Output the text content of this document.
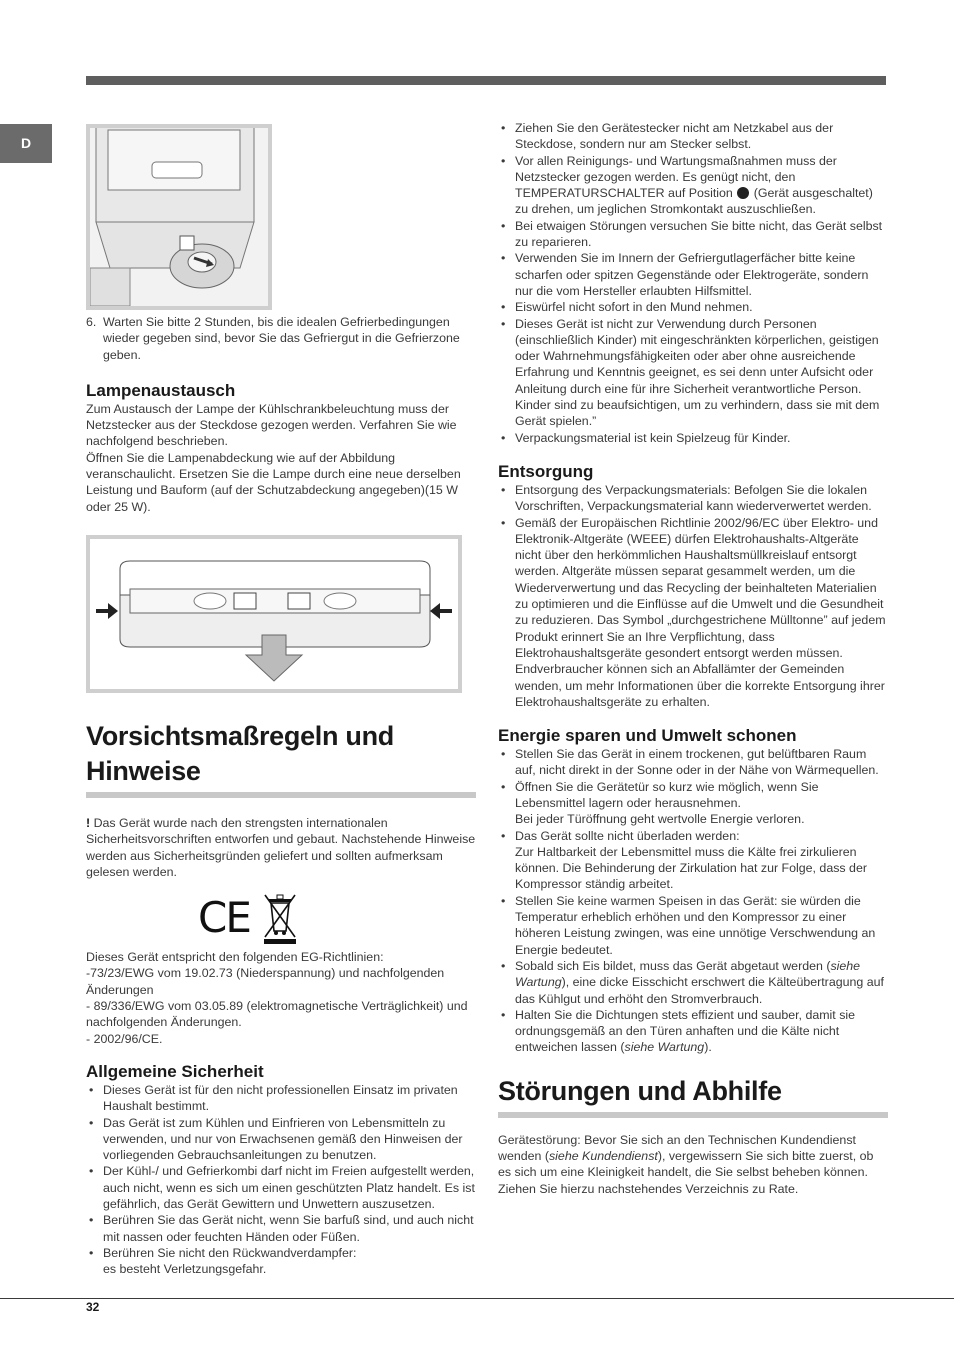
D
6. Warten Sie bitte 2 Stunden, bis die idealen Gefrierbedingungen wieder gegeben sind, bevor Sie das Gefriergut in die Gefrierzone geben.

Lampenaustausch

Zum Austausch der Lampe der Kühlschrankbeleuchtung muss der Netzstecker aus der Steckdose gezogen werden. Verfahren Sie wie nachfolgend beschrieben.

Öffnen Sie die Lampenabdeckung wie auf der Abbildung veranschaulicht. Ersetzen Sie die Lampe durch eine neue derselben Leistung und Bauform (auf der Schutzabdeckung angegeben)(15 W oder 25 W).

Vorsichtsmaßregeln und Hinweise

! Das Gerät wurde nach den strengsten internationalen Sicherheitsvorschriften entworfen und gebaut. Nachstehende Hinweise werden aus Sicherheitsgründen geliefert und sollten aufmerksam gelesen werden.

CE

Dieses Gerät entspricht den folgenden EG-Richtlinien:

-73/23/EWG vom 19.02.73 (Niederspannung) und nachfolgenden Änderungen

- 89/336/EWG vom 03.05.89 (elektromagnetische Verträglichkeit) und nachfolgenden Änderungen.

- 2002/96/CE.

Allgemeine Sicherheit
• Dieses Gerät ist für den nicht professionellen Einsatz im privaten Haushalt bestimmt.
• Das Gerät ist zum Kühlen und Einfrieren von Lebensmitteln zu verwenden, und nur von Erwachsenen gemäß den Hinweisen der vorliegenden Gebrauchsanleitungen zu benutzen.
• Der Kühl-/ und Gefrierkombi darf nicht im Freien aufgestellt werden, auch nicht, wenn es sich um einen geschützten Platz handelt. Es ist gefährlich, das Gerät Gewittern und Unwettern auszusetzen.
• Berühren Sie das Gerät nicht, wenn Sie barfuß sind, und auch nicht mit nassen oder feuchten Händen oder Füßen.
• Berühren Sie nicht den Rückwandverdampfer:
es besteht Verletzungsgefahr.
• Ziehen Sie den Gerätestecker nicht am Netzkabel aus der Steckdose, sondern nur am Stecker selbst.
• Vor allen Reinigungs- und Wartungsmaßnahmen muss der Netzstecker gezogen werden. Es genügt nicht, den TEMPERATURSCHALTER auf Position (Gerät ausgeschaltet) zu drehen, um jeglichen Stromkontakt auszuschließen.
• Bei etwaigen Störungen versuchen Sie bitte nicht, das Gerät selbst zu reparieren.
• Verwenden Sie im Innern der Gefriergutlagerfächer bitte keine scharfen oder spitzen Gegenstände oder Elektrogeräte, sondern nur die vom Hersteller erlaubten Hilfsmittel.
• Eiswürfel nicht sofort in den Mund nehmen.
• Dieses Gerät ist nicht zur Verwendung durch Personen (einschließlich Kinder) mit eingeschränkten körperlichen, geistigen oder Wahrnehmungsfähigkeiten oder aber ohne ausreichende Erfahrung und Kenntnis geeignet, es sei denn unter Aufsicht oder Anleitung durch eine für ihre Sicherheit verantwortliche Person. Kinder sind zu beaufsichtigen, um zu verhindern, dass sie mit dem Gerät spielen.”
• Verpackungsmaterial ist kein Spielzeug für Kinder.
Entsorgung
• Entsorgung des Verpackungsmaterials: Befolgen Sie die lokalen Vorschriften, Verpackungsmaterial kann wiederverwertet werden.
• Gemäß der Europäischen Richtlinie 2002/96/EC über Elektro- und Elektronik-Altgeräte (WEEE) dürfen Elektrohaushalts-Altgeräte nicht über den herkömmlichen Haushaltsmüllkreislauf entsorgt werden. Altgeräte müssen separat gesammelt werden, um die Wiederverwertung und das Recycling der beinhalteten Materialien zu optimieren und die Einflüsse auf die Umwelt und die Gesundheit zu reduzieren. Das Symbol „durchgestrichene Mülltonne” auf jedem Produkt erinnert Sie an Ihre Verpflichtung, dass Elektrohaushaltsgeräte gesondert entsorgt werden müssen.
Endverbraucher können sich an Abfallämter der Gemeinden wenden, um mehr Informationen über die korrekte Entsorgung ihrer Elektrohaushaltsgeräte zu erhalten.
Energie sparen und Umwelt schonen
• Stellen Sie das Gerät in einem trockenen, gut belüftbaren Raum auf, nicht direkt in der Sonne oder in der Nähe von Wärmequellen.
• Öffnen Sie die Gerätetür so kurz wie möglich, wenn Sie Lebensmittel lagern oder herausnehmen.
Bei jeder Türöffnung geht wertvolle Energie verloren.
• Das Gerät sollte nicht überladen werden:
Zur Haltbarkeit der Lebensmittel muss die Kälte frei zirkulieren können. Die Behinderung der Zirkulation hat zur Folge, dass der Kompressor ständig arbeitet.
• Stellen Sie keine warmen Speisen in das Gerät: sie würden die Temperatur erheblich erhöhen und den Kompressor zu einer höheren Leistung zwingen, was eine unnötige Verschwendung an Energie bedeutet.
• Sobald sich Eis bildet, muss das Gerät abgetaut werden (siehe Wartung), eine dicke Eisschicht erschwert die Kälteübertragung auf das Kühlgut und erhöht den Stromverbrauch.
• Halten Sie die Dichtungen stets effizient und sauber, damit sie ordnungsgemäß an den Türen anhaften und die Kälte nicht entweichen lassen (siehe Wartung).
Störungen und Abhilfe

Gerätestörung: Bevor Sie sich an den Technischen Kundendienst wenden (siehe Kundendienst), vergewissern Sie sich bitte zuerst, ob es sich um eine Kleinigkeit handelt, die Sie selbst beheben können. Ziehen Sie hierzu nachstehendes Verzeichnis zu Rate.

32
